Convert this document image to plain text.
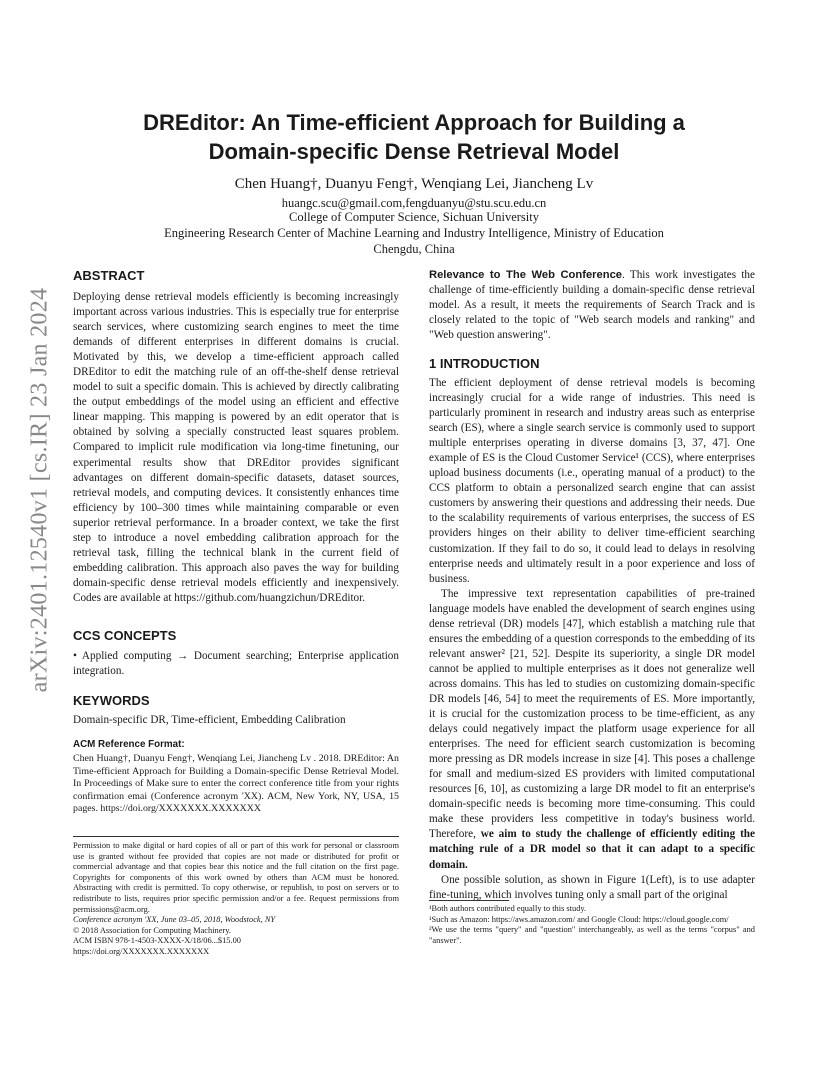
arXiv:2401.12540v1 [cs.IR] 23 Jan 2024
DREditor: An Time-efficient Approach for Building a
Domain-specific Dense Retrieval Model
Chen Huang†, Duanyu Feng†, Wenqiang Lei, Jiancheng Lv
huangc.scu@gmail.com,fengduanyu@stu.scu.edu.cn
College of Computer Science, Sichuan University
Engineering Research Center of Machine Learning and Industry Intelligence, Ministry of Education
Chengdu, China
ABSTRACT
Deploying dense retrieval models efficiently is becoming increasingly important across various industries. This is especially true for enterprise search services, where customizing search engines to meet the time demands of different enterprises in different domains is crucial. Motivated by this, we develop a time-efficient approach called DREditor to edit the matching rule of an off-the-shelf dense retrieval model to suit a specific domain. This is achieved by directly calibrating the output embeddings of the model using an efficient and effective linear mapping. This mapping is powered by an edit operator that is obtained by solving a specially constructed least squares problem. Compared to implicit rule modification via long-time finetuning, our experimental results show that DREditor provides significant advantages on different domain-specific datasets, dataset sources, retrieval models, and computing devices. It consistently enhances time efficiency by 100–300 times while maintaining comparable or even superior retrieval performance. In a broader context, we take the first step to introduce a novel embedding calibration approach for the retrieval task, filling the technical blank in the current field of embedding calibration. This approach also paves the way for building domain-specific dense retrieval models efficiently and inexpensively. Codes are available at https://github.com/huangzichun/DREditor.
CCS CONCEPTS
• Applied computing → Document searching; Enterprise application integration.
KEYWORDS
Domain-specific DR, Time-efficient, Embedding Calibration
ACM Reference Format:
Chen Huang†, Duanyu Feng†, Wenqiang Lei, Jiancheng Lv . 2018. DREditor: An Time-efficient Approach for Building a Domain-specific Dense Retrieval Model. In Proceedings of Make sure to enter the correct conference title from your rights confirmation emai (Conference acronym 'XX). ACM, New York, NY, USA, 15 pages. https://doi.org/XXXXXXX.XXXXXXX

Permission to make digital or hard copies of all or part of this work for personal or classroom use is granted without fee provided that copies are not made or distributed for profit or commercial advantage and that copies bear this notice and the full citation on the first page. Copyrights for components of this work owned by others than ACM must be honored. Abstracting with credit is permitted. To copy otherwise, or republish, to post on servers or to redistribute to lists, requires prior specific permission and/or a fee. Request permissions from permissions@acm.org.

Conference acronym 'XX, June 03–05, 2018, Woodstock, NY

© 2018 Association for Computing Machinery.

ACM ISBN 978-1-4503-XXXX-X/18/06...$15.00

https://doi.org/XXXXXXX.XXXXXXX

Relevance to The Web Conference. This work investigates the challenge of time-efficiently building a domain-specific dense retrieval model. As a result, it meets the requirements of Search Track and is closely related to the topic of "Web search models and ranking" and "Web question answering".
1 INTRODUCTION

The efficient deployment of dense retrieval models is becoming increasingly crucial for a wide range of industries. This need is particularly prominent in research and industry areas such as enterprise search (ES), where a single search service is commonly used to support multiple enterprises operating in diverse domains [3, 37, 47]. One example of ES is the Cloud Customer Service¹ (CCS), where enterprises upload business documents (i.e., operating manual of a product) to the CCS platform to obtain a personalized search engine that can assist customers by answering their questions and addressing their needs. Due to the scalability requirements of various enterprises, the success of ES providers hinges on their ability to deliver time-efficient searching customization. If they fail to do so, it could lead to delays in resolving enterprise needs and ultimately result in a poor experience and loss of business.

The impressive text representation capabilities of pre-trained language models have enabled the development of search engines using dense retrieval (DR) models [47], which establish a matching rule that ensures the embedding of a question corresponds to the embedding of its relevant answer² [21, 52]. Despite its superiority, a single DR model cannot be applied to multiple enterprises as it does not generalize well across domains. This has led to studies on customizing domain-specific DR models [46, 54] to meet the requirements of ES. More importantly, it is crucial for the customization process to be time-efficient, as any delays could negatively impact the platform usage experience for all enterprises. The need for efficient search customization is becoming more pressing as DR models increase in size [4]. This poses a challenge for small and medium-sized ES providers with limited computational resources [6, 10], as customizing a large DR model to fit an enterprise's domain-specific needs is becoming more time-consuming. This could make these providers less competitive in today's business world. Therefore, we aim to study the challenge of efficiently editing the matching rule of a DR model so that it can adapt to a specific domain.

One possible solution, as shown in Figure 1(Left), is to use adapter fine-tuning, which involves tuning only a small part of the original

¹Both authors contributed equally to this study.

¹Such as Amazon: https://aws.amazon.com/ and Google Cloud: https://cloud.google.com/

²We use the terms "query" and "question" interchangeably, as well as the terms "corpus" and "answer".
